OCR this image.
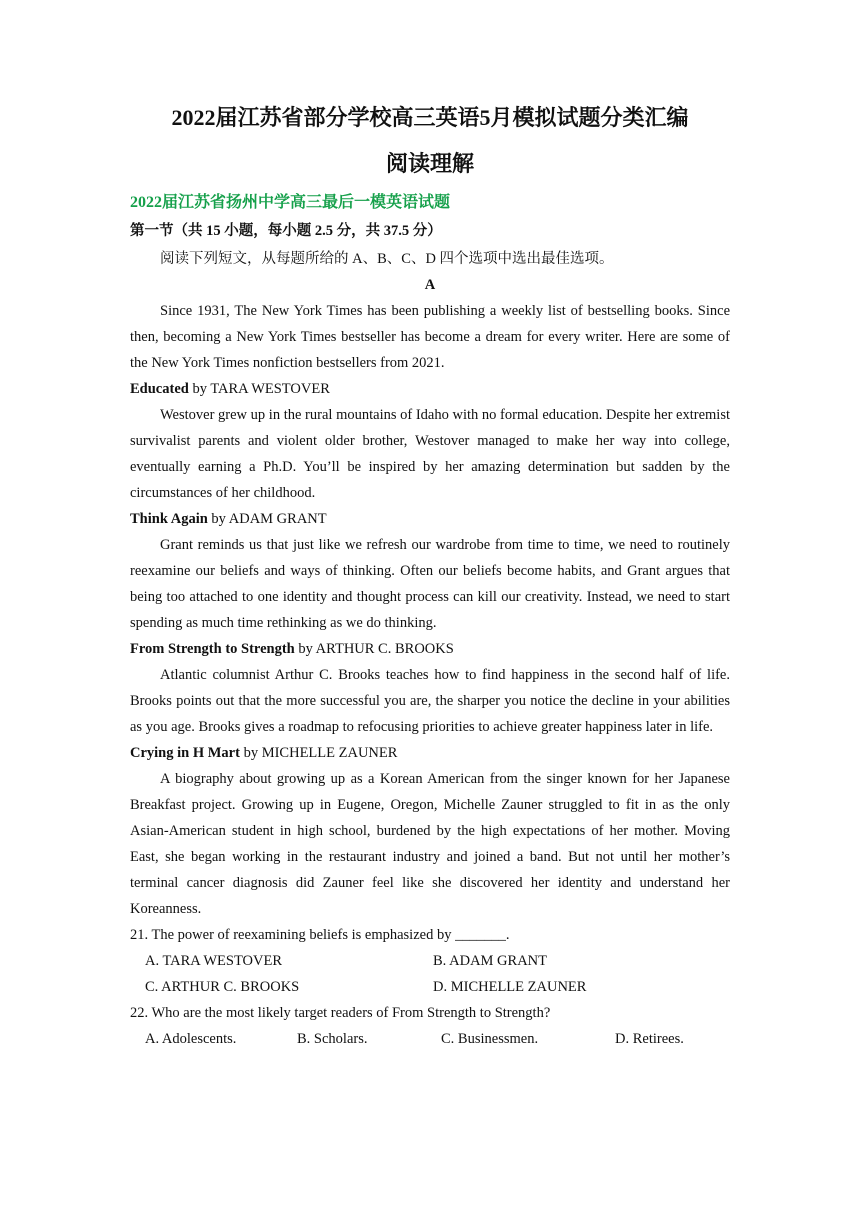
2022届江苏省部分学校高三英语5月模拟试题分类汇编
阅读理解
2022届江苏省扬州中学高三最后一模英语试题
第一节（共 15 小题，每小题 2.5 分，共 37.5 分）
阅读下列短文，从每题所给的 A、B、C、D 四个选项中选出最佳选项。
A

Since 1931, The New York Times has been publishing a weekly list of bestselling books. Since then, becoming a New York Times bestseller has become a dream for every writer. Here are some of the New York Times nonfiction bestsellers from 2021.

Educated by TARA WESTOVER

Westover grew up in the rural mountains of Idaho with no formal education. Despite her extremist survivalist parents and violent older brother, Westover managed to make her way into college, eventually earning a Ph.D. You’ll be inspired by her amazing determination but sadden by the circumstances of her childhood.

Think Again by ADAM GRANT

Grant reminds us that just like we refresh our wardrobe from time to time, we need to routinely reexamine our beliefs and ways of thinking. Often our beliefs become habits, and Grant argues that being too attached to one identity and thought process can kill our creativity. Instead, we need to start spending as much time rethinking as we do thinking.

From Strength to Strength by ARTHUR C. BROOKS

Atlantic columnist Arthur C. Brooks teaches how to find happiness in the second half of life. Brooks points out that the more successful you are, the sharper you notice the decline in your abilities as you age. Brooks gives a roadmap to refocusing priorities to achieve greater happiness later in life.

Crying in H Mart by MICHELLE ZAUNER

A biography about growing up as a Korean American from the singer known for her Japanese Breakfast project. Growing up in Eugene, Oregon, Michelle Zauner struggled to fit in as the only Asian-American student in high school, burdened by the high expectations of her mother. Moving East, she began working in the restaurant industry and joined a band. But not until her mother’s terminal cancer diagnosis did Zauner feel like she discovered her identity and understand her Koreanness.

21. The power of reexamining beliefs is emphasized by _______.
A. TARA WESTOVER	B. ADAM GRANT
C. ARTHUR C. BROOKS	D. MICHELLE ZAUNER
22. Who are the most likely target readers of From Strength to Strength?
A. Adolescents.	B. Scholars.	C. Businessmen.	D. Retirees.
